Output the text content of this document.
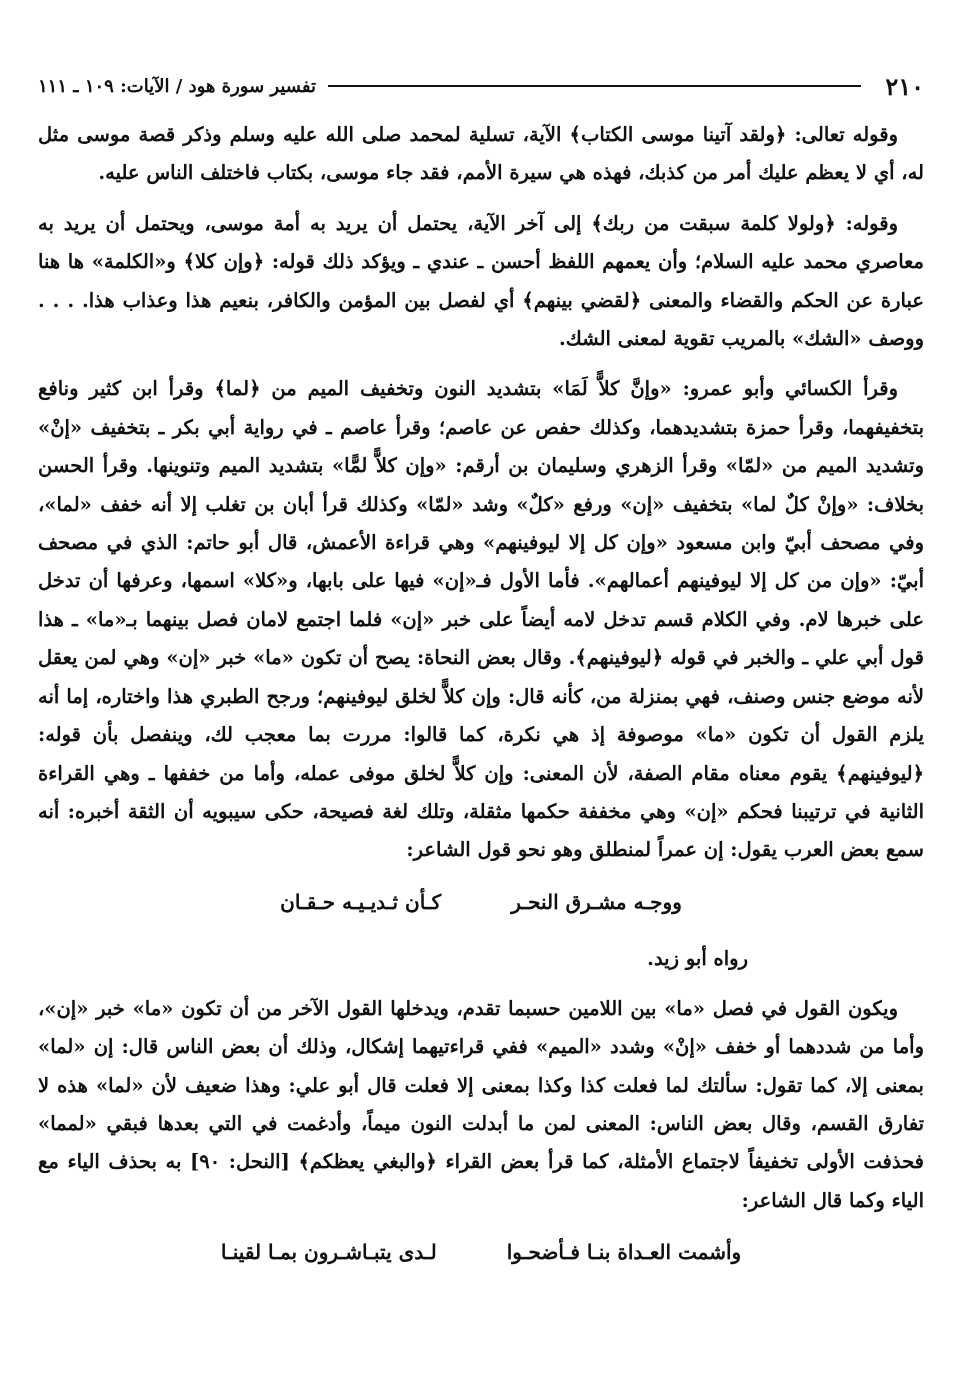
٢١٠
تفسير سورة هود / الآيات: ١٠٩ ـ ١١١

وقوله تعالى: ﴿ولقد آتينا موسى الكتاب﴾ الآية، تسلية لمحمد صلى الله عليه وسلم وذكر قصة موسى مثل له، أي لا يعظم عليك أمر من كذبك، فهذه هي سيرة الأمم، فقد جاء موسى، بكتاب فاختلف الناس عليه.

وقوله: ﴿ولولا كلمة سبقت من ربك﴾ إلى آخر الآية، يحتمل أن يريد به أمة موسى، ويحتمل أن يريد به معاصري محمد عليه السلام؛ وأن يعمهم اللفظ أحسن ـ عندي ـ ويؤكد ذلك قوله: ﴿وإن كلا﴾ و«الكلمة» ها هنا عبارة عن الحكم والقضاء والمعنى ﴿لقضي بينهم﴾ أي لفصل بين المؤمن والكافر، بنعيم هذا وعذاب هذا. . . . ووصف «الشك» بالمريب تقوية لمعنى الشك.

وقرأ الكسائي وأبو عمرو: «وإنَّ كلاًّ لَمَا» بتشديد النون وتخفيف الميم من ﴿لما﴾ وقرأ ابن كثير ونافع بتخفيفهما، وقرأ حمزة بتشديدهما، وكذلك حفص عن عاصم؛ وقرأ عاصم ـ في رواية أبي بكر ـ بتخفيف «إنْ» وتشديد الميم من «لمّا» وقرأ الزهري وسليمان بن أرقم: «وإن كلاًّ لمًّا» بتشديد الميم وتنوينها. وقرأ الحسن بخلاف: «وإنْ كلٌ لما» بتخفيف «إن» ورفع «كلٌ» وشد «لمّا» وكذلك قرأ أبان بن تغلب إلا أنه خفف «لما»، وفي مصحف أبيّ وابن مسعود «وإن كل إلا ليوفينهم» وهي قراءة الأعمش، قال أبو حاتم: الذي في مصحف أبيّ: «وإن من كل إلا ليوفينهم أعمالهم». فأما الأول فـ«إن» فيها على بابها، و«كلا» اسمها، وعرفها أن تدخل على خبرها لام. وفي الكلام قسم تدخل لامه أيضاً على خبر «إن» فلما اجتمع لامان فصل بينهما بـ«ما» ـ هذا قول أبي علي ـ والخبر في قوله ﴿ليوفينهم﴾. وقال بعض النحاة: يصح أن تكون «ما» خبر «إن» وهي لمن يعقل لأنه موضع جنس وصنف، فهي بمنزلة من، كأنه قال: وإن كلاًّ لخلق ليوفينهم؛ ورجح الطبري هذا واختاره، إما أنه يلزم القول أن تكون «ما» موصوفة إذ هي نكرة، كما قالوا: مررت بما معجب لك، وينفصل بأن قوله: ﴿ليوفينهم﴾ يقوم معناه مقام الصفة، لأن المعنى: وإن كلاًّ لخلق موفى عمله، وأما من خففها ـ وهي القراءة الثانية في ترتيبنا فحكم «إن» وهي مخففة حكمها مثقلة، وتلك لغة فصيحة، حكى سيبويه أن الثقة أخبره: أنه سمع بعض العرب يقول: إن عمراً لمنطلق وهو نحو قول الشاعر:

ووجـه مشـرق النحـر
كـأن ثـديـيـه حـقـان

رواه أبو زيد.

ويكون القول في فصل «ما» بين اللامين حسبما تقدم، ويدخلها القول الآخر من أن تكون «ما» خبر «إن»، وأما من شددهما أو خفف «إنْ» وشدد «الميم» ففي قراءتيهما إشكال، وذلك أن بعض الناس قال: إن «لما» بمعنى إلا، كما تقول: سألتك لما فعلت كذا وكذا بمعنى إلا فعلت قال أبو علي: وهذا ضعيف لأن «لما» هذه لا تفارق القسم، وقال بعض الناس: المعنى لمن ما أبدلت النون ميماً، وأدغمت في التي بعدها فبقي «لمما» فحذفت الأولى تخفيفاً لاجتماع الأمثلة، كما قرأ بعض القراء ﴿والبغي يعظكم﴾ [النحل: ٩٠] به بحذف الياء مع الياء وكما قال الشاعر:

وأشمت العـداة بنـا فـأضحـوا
لـدى يتبـاشـرون بمـا لقينـا
